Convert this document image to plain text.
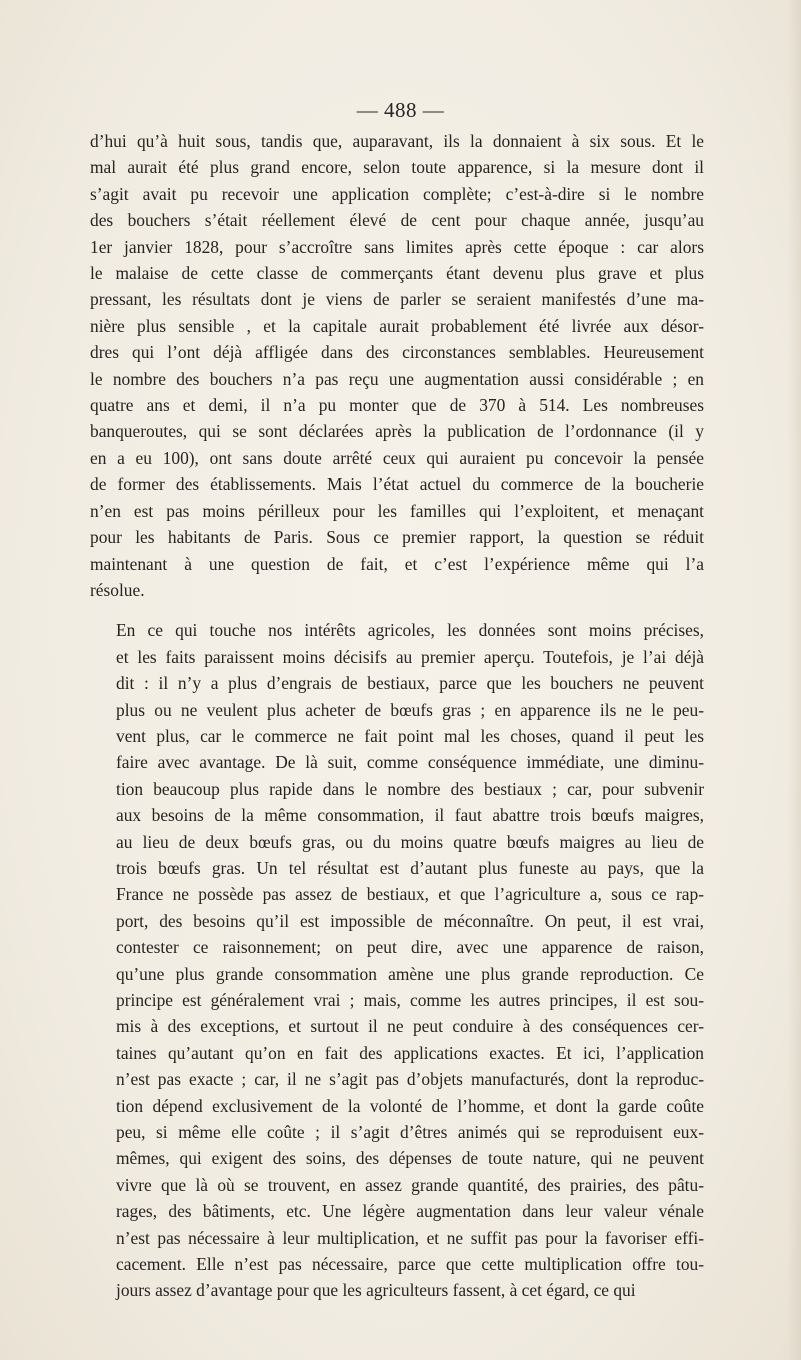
— 488 —

d’hui qu’à huit sous, tandis que, auparavant, ils la donnaient à six sous. Et le
mal aurait été plus grand encore, selon toute apparence, si la mesure dont il
s’agit avait pu recevoir une application complète; c’est-à-dire si le nombre
des bouchers s’était réellement élevé de cent pour chaque année, jusqu’au
1er janvier 1828, pour s’accroître sans limites après cette époque : car alors
le malaise de cette classe de commerçants étant devenu plus grave et plus
pressant, les résultats dont je viens de parler se seraient manifestés d’une ma-
nière plus sensible , et la capitale aurait probablement été livrée aux désor-
dres qui l’ont déjà affligée dans des circonstances semblables. Heureusement
le nombre des bouchers n’a pas reçu une augmentation aussi considérable ; en
quatre ans et demi, il n’a pu monter que de 370 à 514. Les nombreuses
banqueroutes, qui se sont déclarées après la publication de l’ordonnance (il y
en a eu 100), ont sans doute arrêté ceux qui auraient pu concevoir la pensée
de former des établissements. Mais l’état actuel du commerce de la boucherie
n’en est pas moins périlleux pour les familles qui l’exploitent, et menaçant
pour les habitants de Paris. Sous ce premier rapport, la question se réduit
maintenant à une question de fait, et c’est l’expérience même qui l’a
résolue.

En ce qui touche nos intérêts agricoles, les données sont moins précises,
et les faits paraissent moins décisifs au premier aperçu. Toutefois, je l’ai déjà
dit : il n’y a plus d’engrais de bestiaux, parce que les bouchers ne peuvent
plus ou ne veulent plus acheter de bœufs gras ; en apparence ils ne le peu-
vent plus, car le commerce ne fait point mal les choses, quand il peut les
faire avec avantage. De là suit, comme conséquence immédiate, une diminu-
tion beaucoup plus rapide dans le nombre des bestiaux ; car, pour subvenir
aux besoins de la même consommation, il faut abattre trois bœufs maigres,
au lieu de deux bœufs gras, ou du moins quatre bœufs maigres au lieu de
trois bœufs gras. Un tel résultat est d’autant plus funeste au pays, que la
France ne possède pas assez de bestiaux, et que l’agriculture a, sous ce rap-
port, des besoins qu’il est impossible de méconnaître. On peut, il est vrai,
contester ce raisonnement; on peut dire, avec une apparence de raison,
qu’une plus grande consommation amène une plus grande reproduction. Ce
principe est généralement vrai ; mais, comme les autres principes, il est sou-
mis à des exceptions, et surtout il ne peut conduire à des conséquences cer-
taines qu’autant qu’on en fait des applications exactes. Et ici, l’application
n’est pas exacte ; car, il ne s’agit pas d’objets manufacturés, dont la reproduc-
tion dépend exclusivement de la volonté de l’homme, et dont la garde coûte
peu, si même elle coûte ; il s’agit d’êtres animés qui se reproduisent eux-
mêmes, qui exigent des soins, des dépenses de toute nature, qui ne peuvent
vivre que là où se trouvent, en assez grande quantité, des prairies, des pâtu-
rages, des bâtiments, etc. Une légère augmentation dans leur valeur vénale
n’est pas nécessaire à leur multiplication, et ne suffit pas pour la favoriser effi-
cacement. Elle n’est pas nécessaire, parce que cette multiplication offre tou-
jours assez d’avantage pour que les agriculteurs fassent, à cet égard, ce qui
